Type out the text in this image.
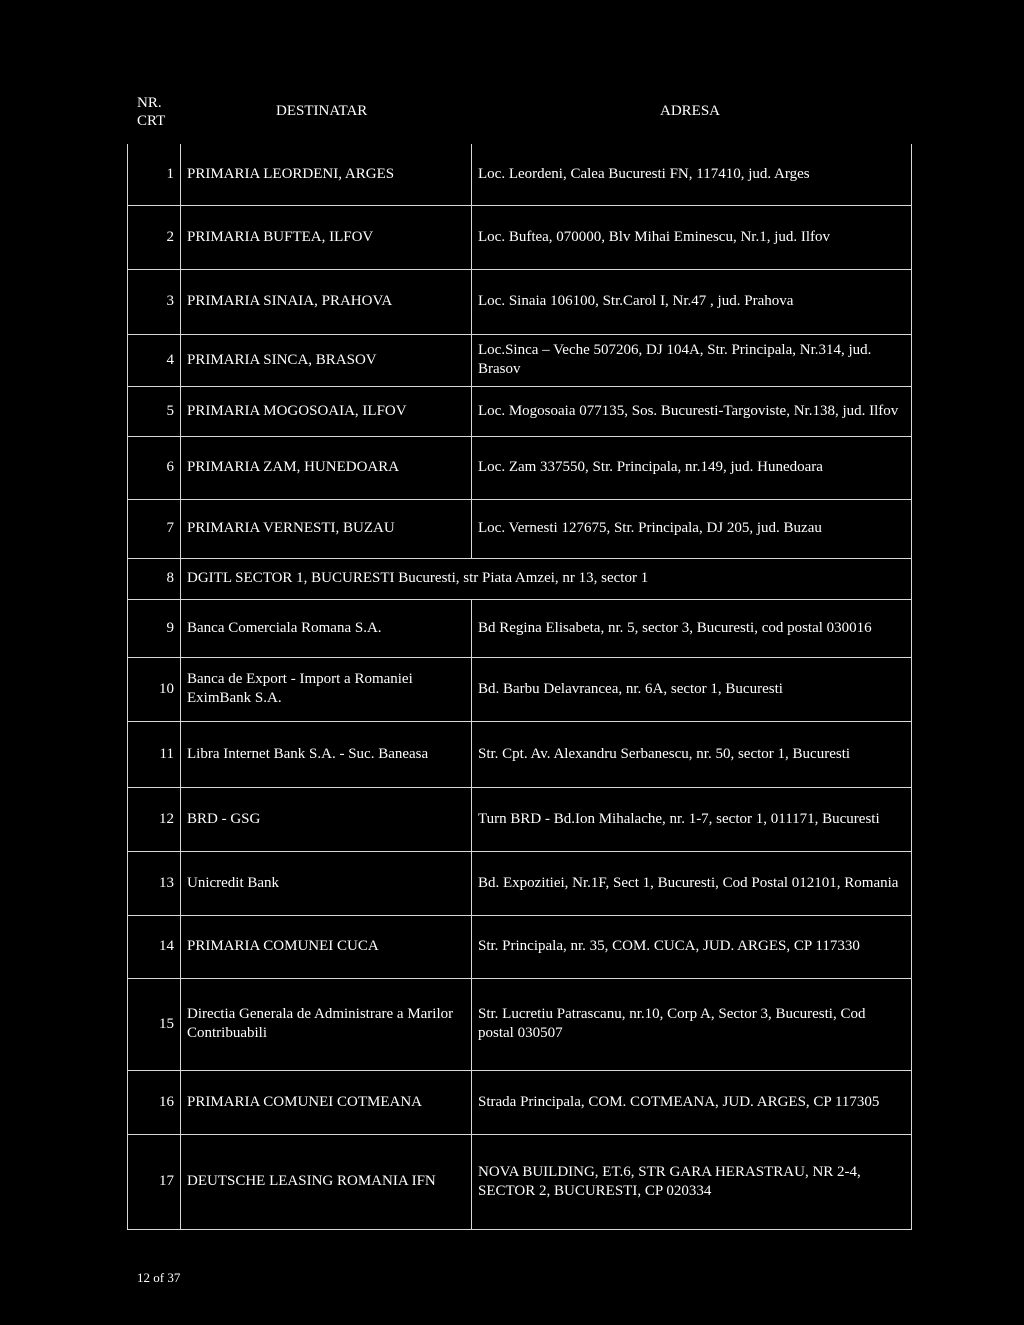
NR.
CRT
DESTINATAR	ADRESA
1	PRIMARIA LEORDENI, ARGES	Loc. Leordeni, Calea Bucuresti FN, 117410, jud. Arges
2	PRIMARIA BUFTEA, ILFOV	Loc. Buftea, 070000, Blv Mihai Eminescu, Nr.1, jud. Ilfov
3	PRIMARIA SINAIA, PRAHOVA	Loc. Sinaia 106100, Str.Carol I, Nr.47 , jud. Prahova
4	PRIMARIA SINCA, BRASOV	Loc.Sinca – Veche 507206, DJ 104A, Str. Principala, Nr.314, jud. Brasov
5	PRIMARIA MOGOSOAIA, ILFOV	Loc. Mogosoaia 077135, Sos. Bucuresti-Targoviste, Nr.138, jud. Ilfov
6	PRIMARIA ZAM, HUNEDOARA	Loc. Zam 337550, Str. Principala, nr.149, jud. Hunedoara
7	PRIMARIA VERNESTI, BUZAU	Loc. Vernesti 127675, Str. Principala, DJ 205, jud. Buzau
8	DGITL SECTOR 1, BUCURESTI Bucuresti, str Piata Amzei, nr 13, sector 1	
9	Banca Comerciala Romana S.A.	Bd Regina Elisabeta, nr. 5, sector 3, Bucuresti, cod postal 030016
10	Banca de Export - Import a Romaniei EximBank S.A.	Bd. Barbu Delavrancea, nr. 6A, sector 1, Bucuresti
11	Libra Internet Bank S.A. - Suc. Baneasa	Str. Cpt. Av. Alexandru Serbanescu, nr. 50, sector 1, Bucuresti
12	BRD - GSG	Turn BRD - Bd.Ion Mihalache, nr. 1-7, sector 1, 011171, Bucuresti
13	Unicredit Bank	Bd. Expozitiei, Nr.1F, Sect 1, Bucuresti, Cod Postal 012101, Romania
14	PRIMARIA COMUNEI CUCA	Str. Principala, nr. 35, COM. CUCA, JUD. ARGES, CP 117330
15	Directia Generala de Administrare a Marilor Contribuabili	Str. Lucretiu Patrascanu, nr.10, Corp A, Sector 3, Bucuresti, Cod postal 030507
16	PRIMARIA COMUNEI COTMEANA	Strada Principala, COM. COTMEANA, JUD. ARGES, CP 117305
17	DEUTSCHE LEASING ROMANIA IFN	NOVA BUILDING, ET.6, STR GARA HERASTRAU, NR 2-4, SECTOR 2, BUCURESTI, CP 020334
12 of 37
